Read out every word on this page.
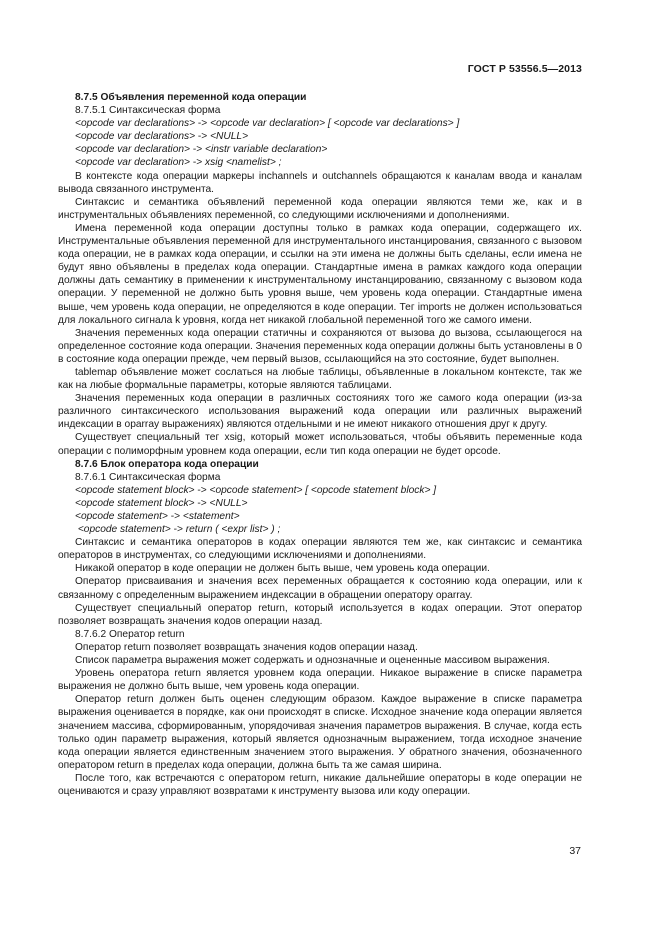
ГОСТ Р 53556.5—2013
8.7.5 Объявления переменной кода операции
8.7.5.1 Синтаксическая форма
<opcode var declarations> -> <opcode var declaration> [ <opcode var declarations> ]
<opcode var declarations> -> <NULL>
<opcode var declaration> -> <instr variable declaration>
<opcode var declaration> -> xsig <namelist> ;
В контексте кода операции маркеры inchannels и outchannels обращаются к каналам ввода и каналам вывода связанного инструмента.
Синтаксис и семантика объявлений переменной кода операции являются теми же, как и в инструментальных объявлениях переменной, со следующими исключениями и дополнениями.
Имена переменной кода операции доступны только в рамках кода операции, содержащего их. Инструментальные объявления переменной для инструментального инстанцирования, связанного с вызовом кода операции, не в рамках кода операции, и ссылки на эти имена не должны быть сделаны, если имена не будут явно объявлены в пределах кода операции. Стандартные имена в рамках каждого кода операции должны дать семантику в применении к инструментальному инстанцированию, связанному с вызовом кода операции. У переменной не должно быть уровня выше, чем уровень кода операции. Стандартные имена выше, чем уровень кода операции, не определяются в коде операции. Тег imports не должен использоваться для локального сигнала k уровня, когда нет никакой глобальной переменной того же самого имени.
Значения переменных кода операции статичны и сохраняются от вызова до вызова, ссылающегося на определенное состояние кода операции. Значения переменных кода операции должны быть установлены в 0 в состояние кода операции прежде, чем первый вызов, ссылающийся на это состояние, будет выполнен.
tablemap объявление может сослаться на любые таблицы, объявленные в локальном контексте, так же как на любые формальные параметры, которые являются таблицами.
Значения переменных кода операции в различных состояниях того же самого кода операции (из-за различного синтаксического использования выражений кода операции или различных выражений индексации в oparray выражениях) являются отдельными и не имеют никакого отношения друг к другу.
Существует специальный тег xsig, который может использоваться, чтобы объявить переменные кода операции с полиморфным уровнем кода операции, если тип кода операции не будет opcode.
8.7.6 Блок оператора кода операции
8.7.6.1 Синтаксическая форма
<opcode statement block> -> <opcode statement> [ <opcode statement block> ]
<opcode statement block> -> <NULL>
<opcode statement> -> <statement>
<opcode statement> -> return ( <expr list> ) ;
Синтаксис и семантика операторов в кодах операции являются тем же, как синтаксис и семантика операторов в инструментах, со следующими исключениями и дополнениями.
Никакой оператор в коде операции не должен быть выше, чем уровень кода операции.
Оператор присваивания и значения всех переменных обращается к состоянию кода операции, или к связанному с определенным выражением индексации в обращении оператору oparray.
Существует специальный оператор return, который используется в кодах операции. Этот оператор позволяет возвращать значения кодов операции назад.
8.7.6.2 Оператор return
Оператор return позволяет возвращать значения кодов операции назад.
Список параметра выражения может содержать и однозначные и оцененные массивом выражения.
Уровень оператора return является уровнем кода операции. Никакое выражение в списке параметра выражения не должно быть выше, чем уровень кода операции.
Оператор return должен быть оценен следующим образом. Каждое выражение в списке параметра выражения оценивается в порядке, как они происходят в списке. Исходное значение кода операции является значением массива, сформированным, упорядочивая значения параметров выражения. В случае, когда есть только один параметр выражения, который является однозначным выражением, тогда исходное значение кода операции является единственным значением этого выражения. У обратного значения, обозначенного оператором return в пределах кода операции, должна быть та же самая ширина.
После того, как встречаются с оператором return, никакие дальнейшие операторы в коде операции не оцениваются и сразу управляют возвратами к инструменту вызова или коду операции.
37
